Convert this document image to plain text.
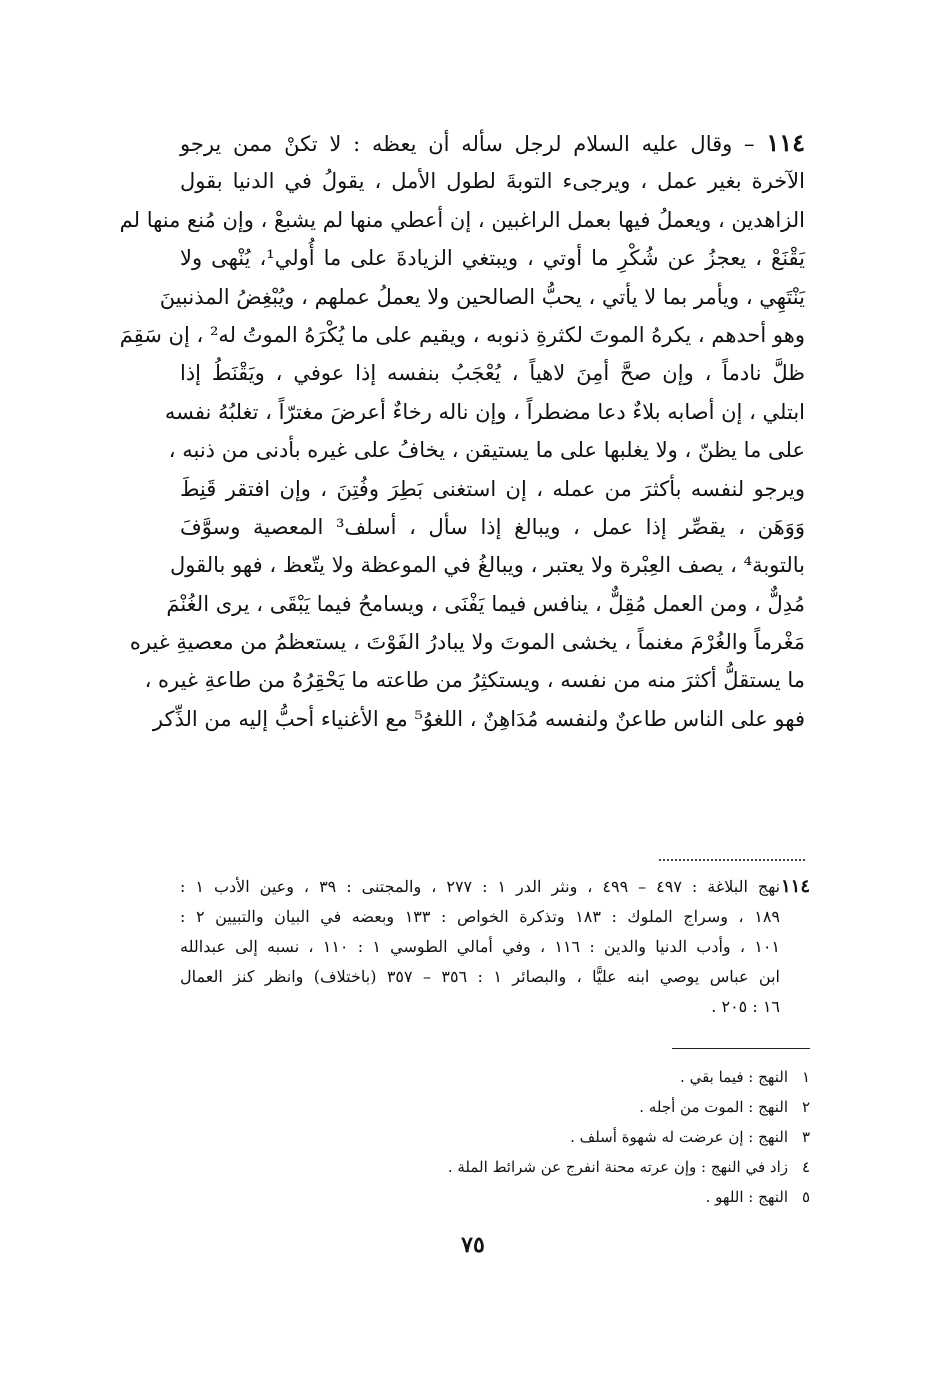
١١٤ – وقال عليه السلام لرجل سأله أن يعظه : لا تكنْ ممن يرجو
الآخرة بغير عمل ، ويرجىء التوبةَ لطول الأمل ، يقولُ في الدنيا بقول
الزاهدين ، ويعملُ فيها بعمل الراغبين ، إن أعطي منها لم يشبعْ ، وإن مُنع منها لم
يَقْنَعْ ، يعجزُ عن شُكْرِ ما أوتي ، ويبتغي الزيادةَ على ما أُولي¹، يُنْهى ولا
يَنْتَهِي ، ويأمر بما لا يأتي ، يحبُّ الصالحين ولا يعملُ عملهم ، ويُبْغِضُ المذنبينَ
وهو أحدهم ، يكرهُ الموتَ لكثرةِ ذنوبه ، ويقيم على ما يُكْرَهُ الموتُ له² ، إن سَقِمَ
ظلَّ نادماً ، وإن صحَّ أمِنَ لاهياً ، يُعْجَبُ بنفسه إذا عوفي ، ويَقْنَطُ إذا
ابتلي ، إن أصابه بلاءٌ دعا مضطراً ، وإن ناله رخاءٌ أعرضَ مغترّاً ، تغلبُهُ نفسه
على ما يظنّ ، ولا يغلبها على ما يستيقن ، يخافُ على غيره بأدنى من ذنبه ،
ويرجو لنفسه بأكثرَ من عمله ، إن استغنى بَطِرَ وفُتِنَ ، وإن افتقر قَنِطَ
وَوَهَن ، يقصِّر إذا عمل ، ويبالغ إذا سأل ، أسلف³ المعصية وسوَّفَ
بالتوبة⁴ ، يصف العِبْرة ولا يعتبر ، ويبالغُ في الموعظة ولا يتّعظ ، فهو بالقول
مُدِلٌّ ، ومن العمل مُقِلٌّ ، ينافس فيما يَفْنَى ، ويسامحُ فيما يَبْقَى ، يرى الغُنْمَ
مَغْرماً والغُرْمَ مغنماً ، يخشى الموتَ ولا يبادرُ الفَوْتَ ، يستعظمُ من معصيةِ غيره
ما يستقلُّ أكثرَ منه من نفسه ، ويستكثِرُ من طاعته ما يَحْقِرُهُ من طاعةِ غيره ،
فهو على الناس طاعنٌ ولنفسه مُدَاهِنٌ ، اللغوُ⁵ مع الأغنياء أحبُّ إليه من الذِّكر
١١٤نهج البلاغة : ٤٩٧ – ٤٩٩ ، ونثر الدر ١ : ٢٧٧ ، والمجتنى : ٣٩ ، وعين الأدب ١ :
١٨٩ ، وسراج الملوك : ١٨٣ وتذكرة الخواص : ١٣٣ وبعضه في البيان والتبيين ٢ :
١٠١ ، وأدب الدنيا والدين : ١١٦ ، وفي أمالي الطوسي ١ : ١١٠ ، نسبه إلى عبدالله
ابن عباس يوصي ابنه عليًّا ، والبصائر ١ : ٣٥٦ – ٣٥٧ (باختلاف) وانظر كنز العمال
١٦ : ٢٠٥ .
١النهج : فيما بقي .
٢النهج : الموت من أجله .
٣النهج : إن عرضت له شهوة أسلف .
٤زاد في النهج : وإن عرته محنة انفرج عن شرائط الملة .
٥النهج : اللهو .
٧٥
